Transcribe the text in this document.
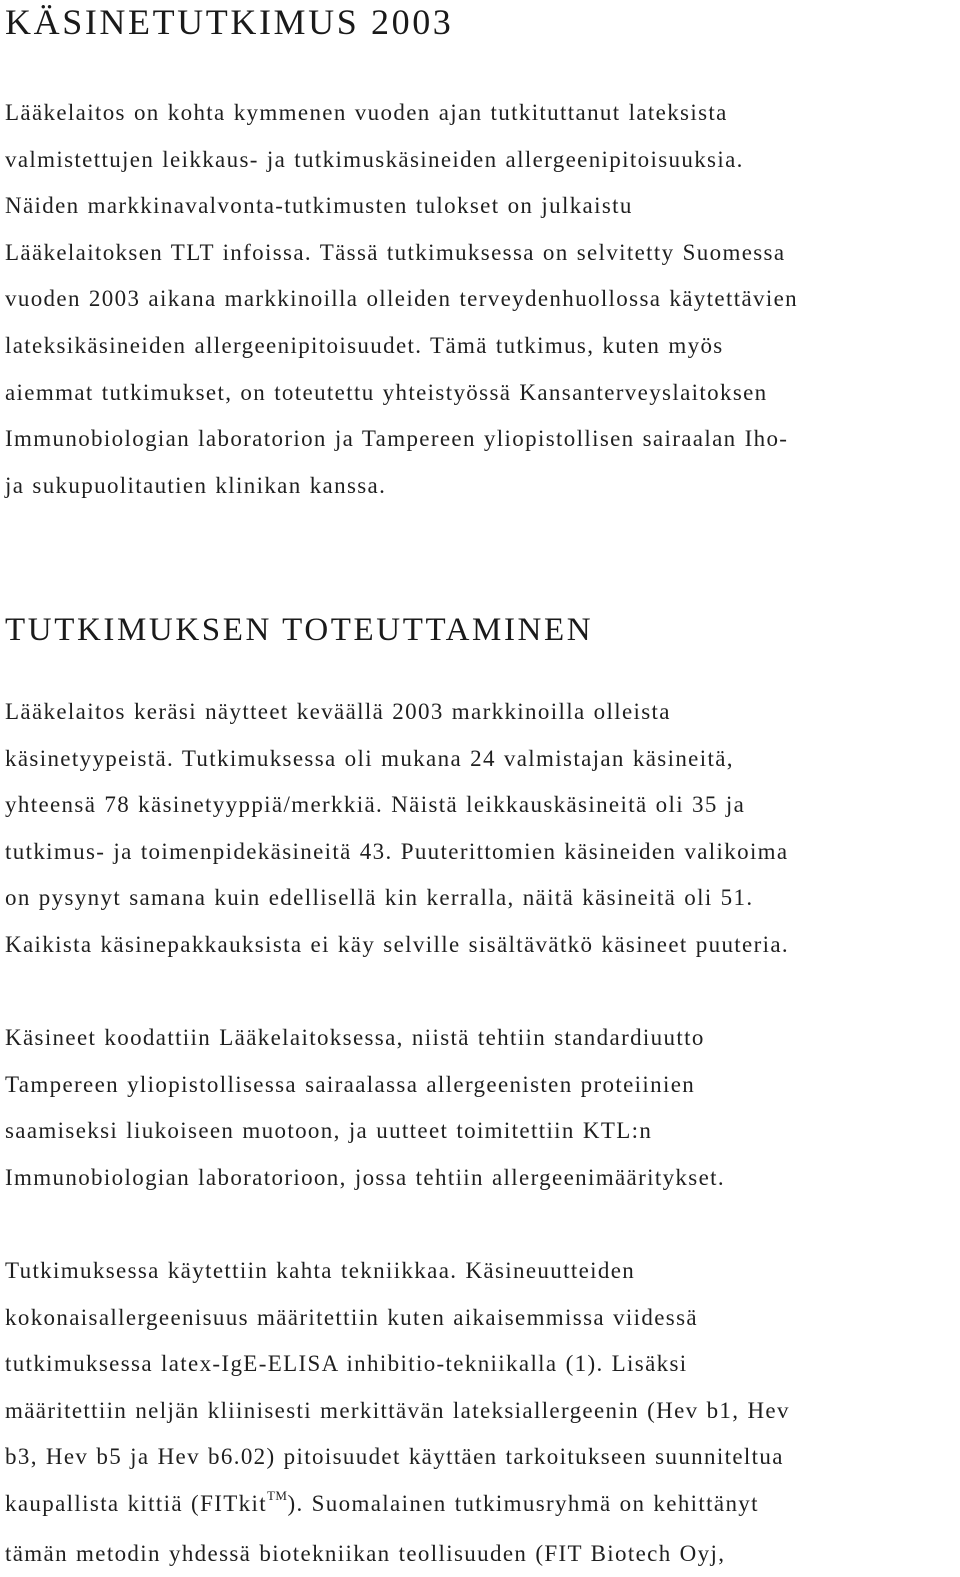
KÄSINETUTKIMUS 2003

Lääkelaitos on kohta kymmenen vuoden ajan tutkituttanut lateksista
valmistettujen leikkaus- ja tutkimuskäsineiden allergeenipitoisuuksia.
Näiden markkinavalvonta-tutkimusten tulokset on julkaistu
Lääkelaitoksen TLT infoissa. Tässä tutkimuksessa on selvitetty Suomessa
vuoden 2003 aikana markkinoilla olleiden terveydenhuollossa käytettävien
lateksikäsineiden allergeenipitoisuudet. Tämä tutkimus, kuten myös
aiemmat tutkimukset, on toteutettu yhteistyössä Kansanterveyslaitoksen
Immunobiologian laboratorion ja Tampereen yliopistollisen sairaalan Iho-
ja sukupuolitautien klinikan kanssa.

TUTKIMUKSEN TOTEUTTAMINEN

Lääkelaitos keräsi näytteet keväällä 2003 markkinoilla olleista
käsinetyypeistä. Tutkimuksessa oli mukana 24 valmistajan käsineitä,
yhteensä 78 käsinetyyppiä/merkkiä. Näistä leikkauskäsineitä oli 35 ja
tutkimus- ja toimenpidekäsineitä 43. Puuterittomien käsineiden valikoima
on pysynyt samana kuin edellisellä kin kerralla, näitä käsineitä oli 51.
Kaikista käsinepakkauksista ei käy selville sisältävätkö käsineet puuteria.

Käsineet koodattiin Lääkelaitoksessa, niistä tehtiin standardiuutto
Tampereen yliopistollisessa sairaalassa allergeenisten proteiinien
saamiseksi liukoiseen muotoon, ja uutteet toimitettiin KTL:n
Immunobiologian laboratorioon, jossa tehtiin allergeenimääritykset.

Tutkimuksessa käytettiin kahta tekniikkaa. Käsineuutteiden
kokonaisallergeenisuus määritettiin kuten aikaisemmissa viidessä
tutkimuksessa latex-IgE-ELISA inhibitio-tekniikalla (1). Lisäksi
määritettiin neljän kliinisesti merkittävän lateksiallergeenin (Hev b1, Hev
b3, Hev b5 ja Hev b6.02) pitoisuudet käyttäen tarkoitukseen suunniteltua
kaupallista kittiä (FITkit™). Suomalainen tutkimusryhmä on kehittänyt
tämän metodin yhdessä biotekniikan teollisuuden (FIT Biotech Oyj,
